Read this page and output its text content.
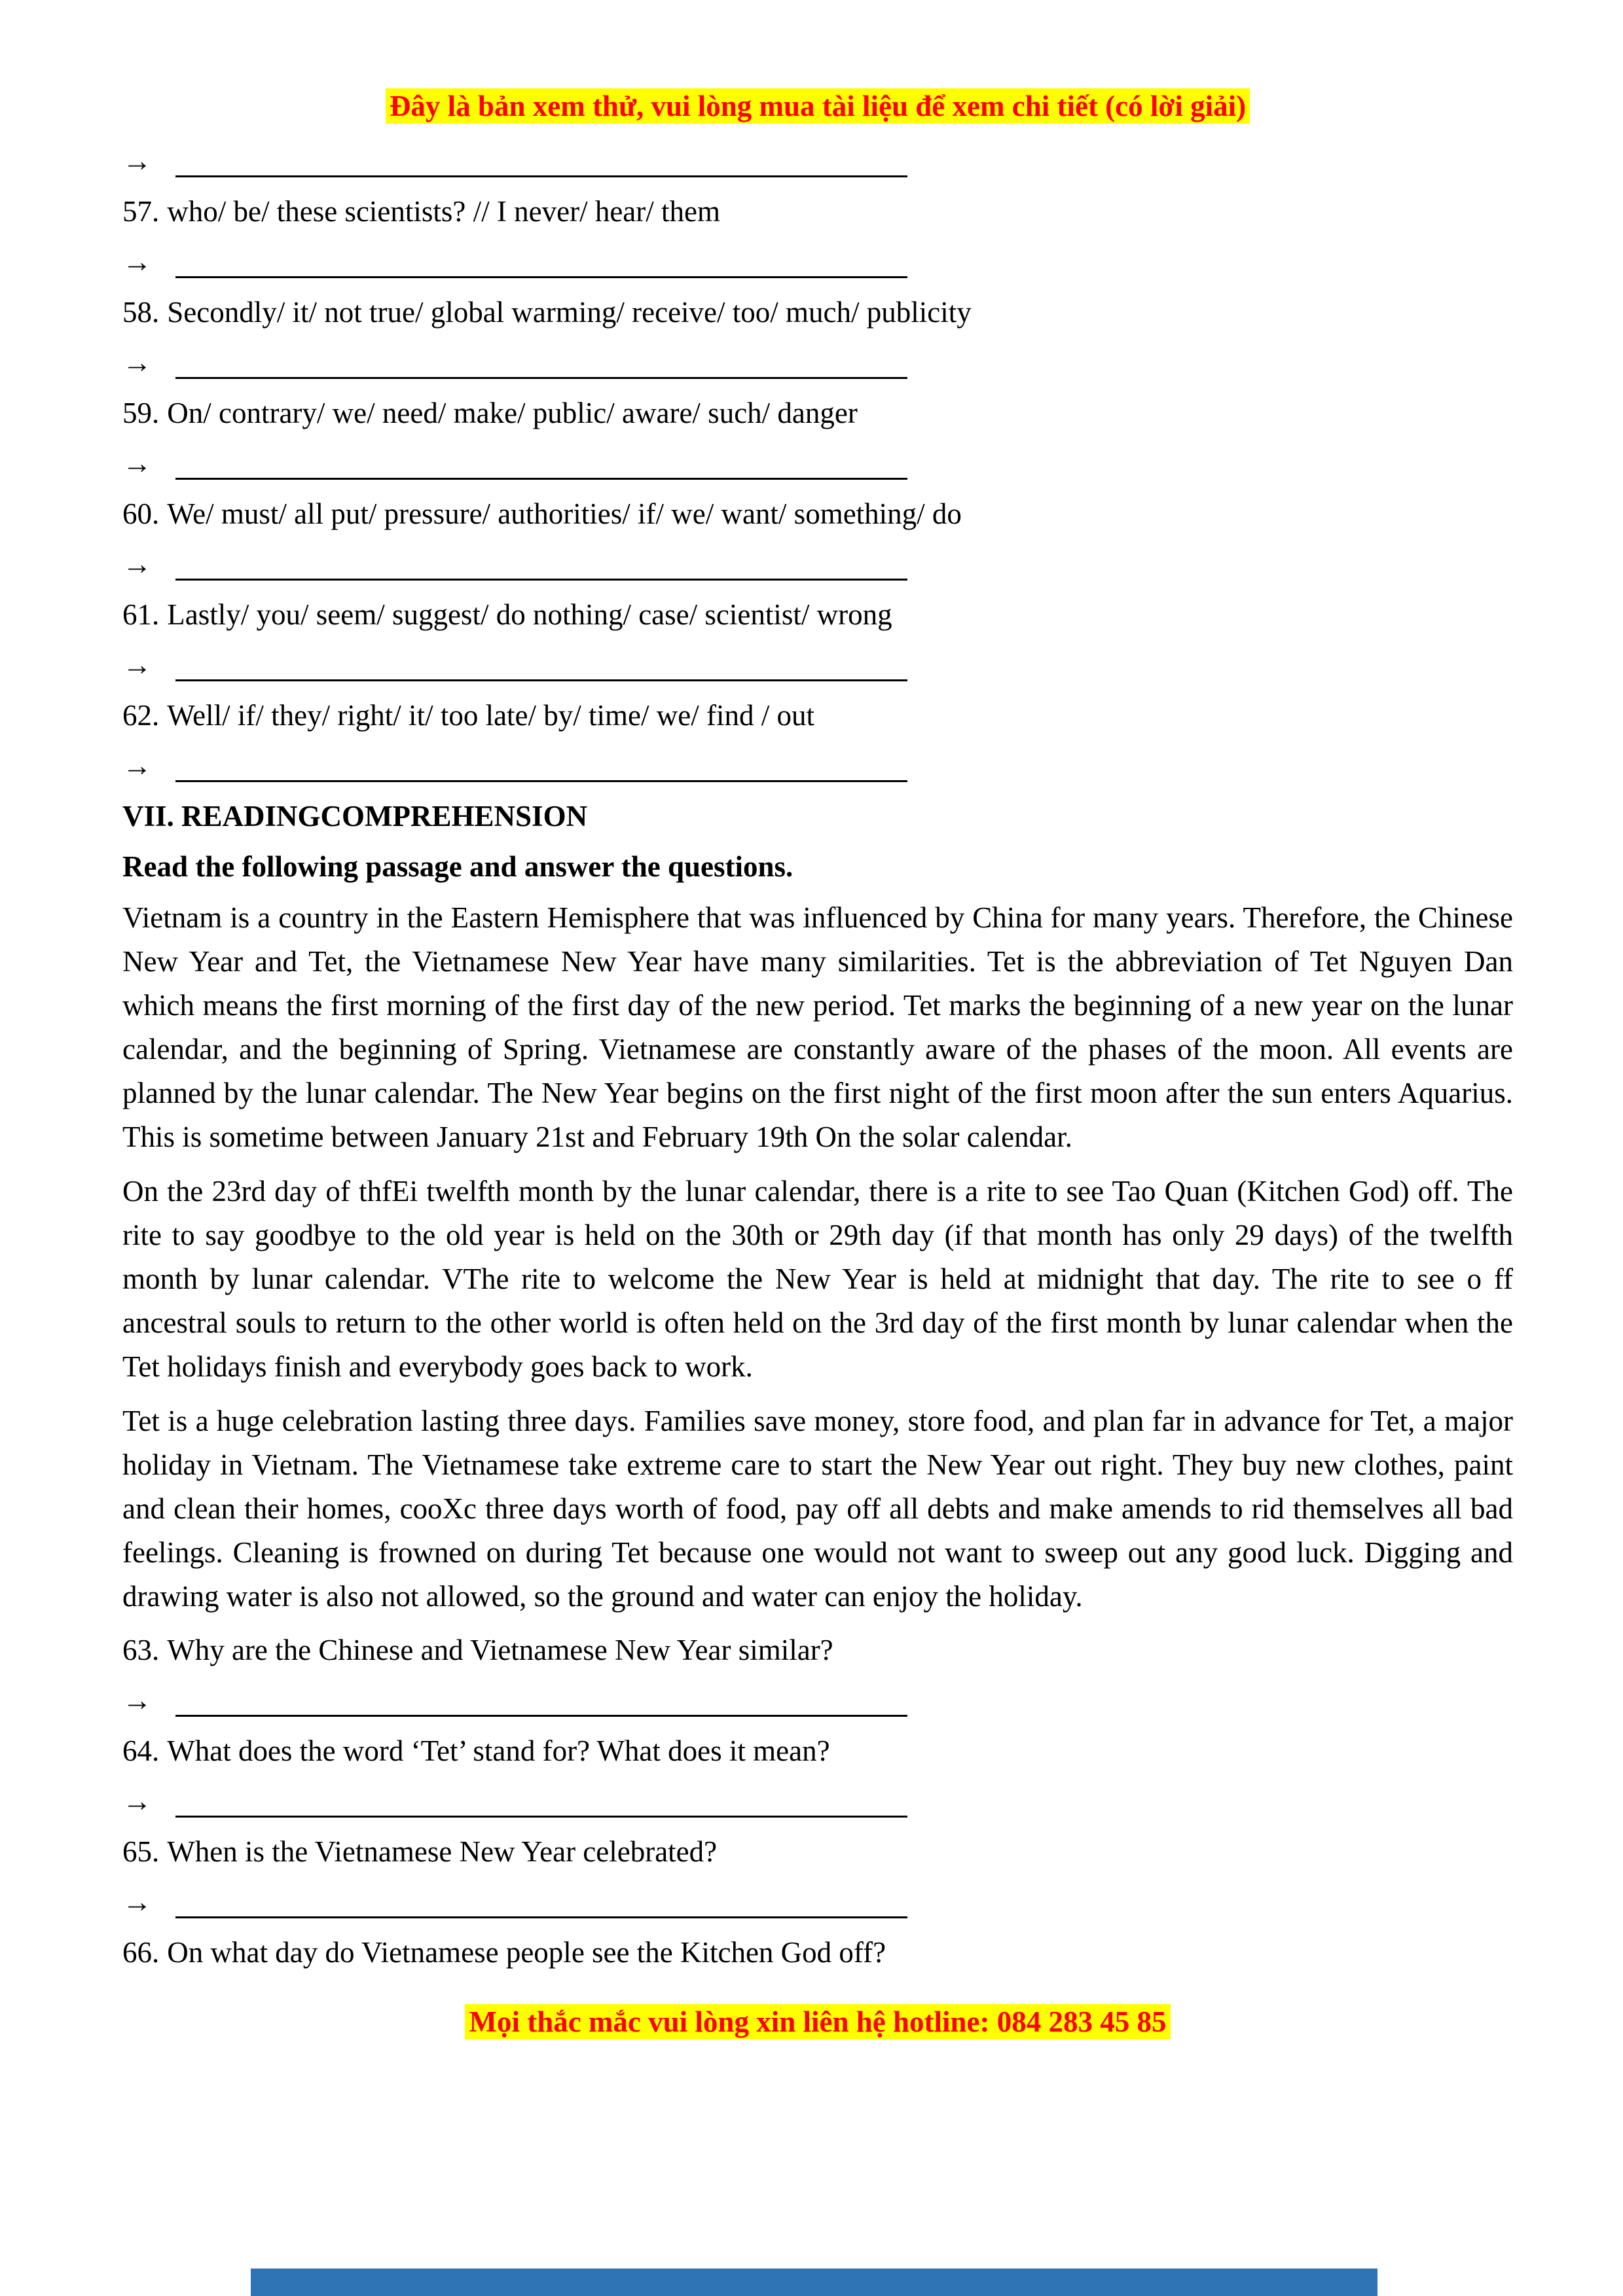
Đây là bản xem thử, vui lòng mua tài liệu để xem chi tiết (có lời giải)
→

57. who/ be/ these scientists? // I never/ hear/ them

→

58. Secondly/ it/ not true/ global warming/ receive/ too/ much/ publicity

→

59. On/ contrary/ we/ need/ make/ public/ aware/ such/ danger

→

60. We/ must/ all put/ pressure/ authorities/ if/ we/ want/ something/ do

→

61. Lastly/ you/ seem/ suggest/ do nothing/ case/ scientist/ wrong

→

62. Well/ if/ they/ right/ it/ too late/ by/ time/ we/ find / out

→
VII. READINGCOMPREHENSION

Read the following passage and answer the questions.

Vietnam is a country in the Eastern Hemisphere that was influenced by China for many years. Therefore, the Chinese New Year and Tet, the Vietnamese New Year have many similarities. Tet is the abbreviation of Tet Nguyen Dan which means the first morning of the first day of the new period. Tet marks the beginning of a new year on the lunar calendar, and the beginning of Spring. Vietnamese are constantly aware of the phases of the moon. All events are planned by the lunar calendar. The New Year begins on the first night of the first moon after the sun enters Aquarius. This is sometime between January 21st and February 19th On the solar calendar.

On the 23rd day of thfEi twelfth month by the lunar calendar, there is a rite to see Tao Quan (Kitchen God) off. The rite to say goodbye to the old year is held on the 30th or 29th day (if that month has only 29 days) of the twelfth month by lunar calendar. VThe rite to welcome the New Year is held at midnight that day. The rite to see o ff ancestral souls to return to the other world is often held on the 3rd day of the first month by lunar calendar when the Tet holidays finish and everybody goes back to work.

Tet is a huge celebration lasting three days. Families save money, store food, and plan far in advance for Tet, a major holiday in Vietnam. The Vietnamese take extreme care to start the New Year out right. They buy new clothes, paint and clean their homes, cooXc three days worth of food, pay off all debts and make amends to rid themselves all bad feelings. Cleaning is frowned on during Tet because one would not want to sweep out any good luck. Digging and drawing water is also not allowed, so the ground and water can enjoy the holiday.

63. Why are the Chinese and Vietnamese New Year similar?

→

64. What does the word ‘Tet’ stand for? What does it mean?

→

65. When is the Vietnamese New Year celebrated?

→

66. On what day do Vietnamese people see the Kitchen God off?

Mọi thắc mắc vui lòng xin liên hệ hotline: 084 283 45 85
